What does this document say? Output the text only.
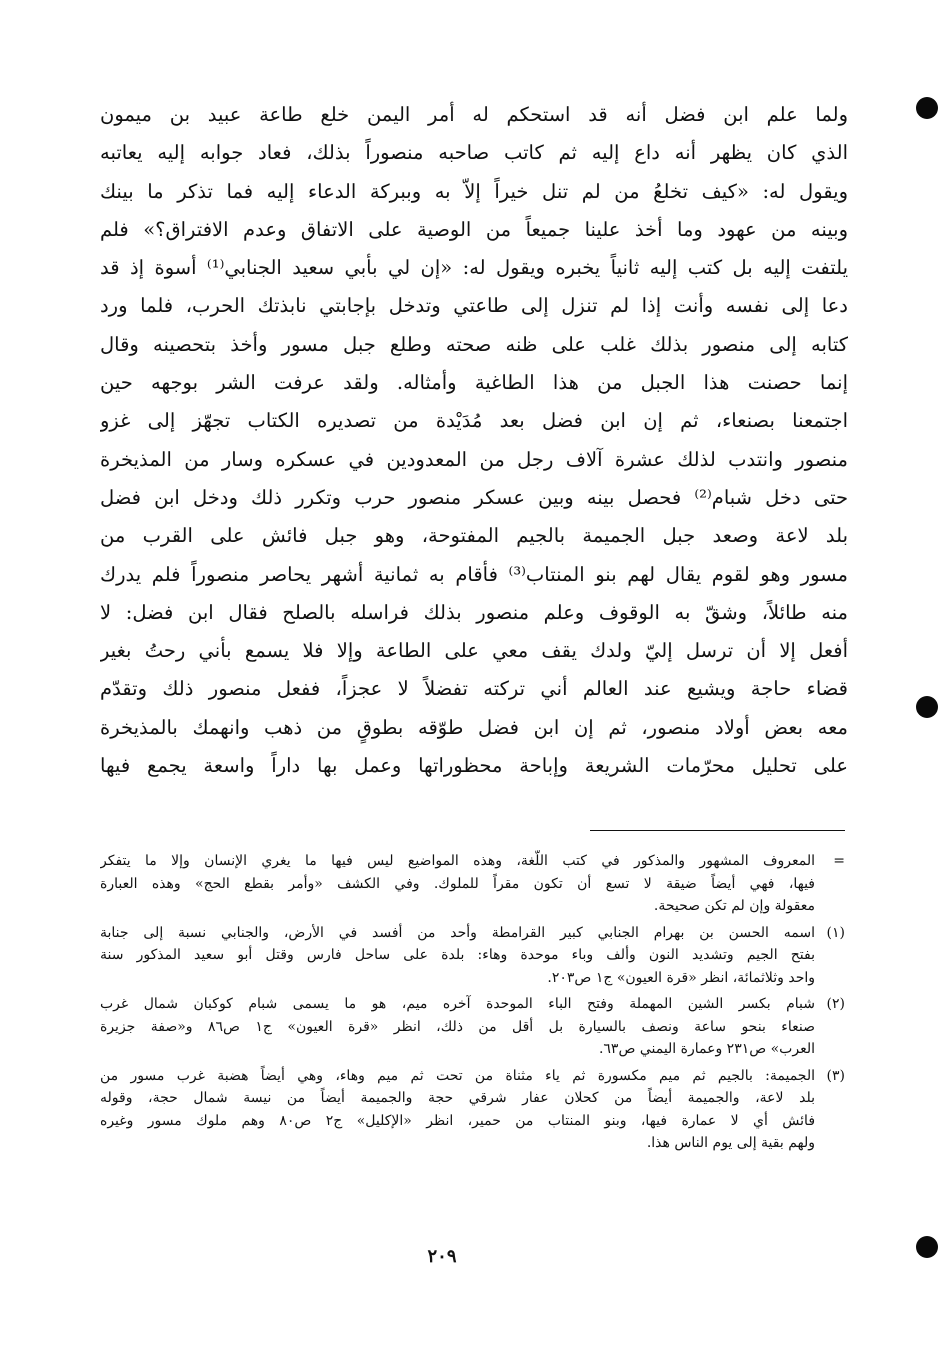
ولما علم ابن فضل أنه قد استحكم له أمر اليمن خلع طاعة عبيد بن ميمون
الذي كان يظهر أنه داع إليه ثم كاتب صاحبه منصوراً بذلك، فعاد جوابه إليه يعاتبه
ويقول له: «كيف تخلعُ من لم تنل خيراً إلاّ به وببركة الدعاء إليه فما تذكر ما بينك
وبينه من عهود وما أخذ علينا جميعاً من الوصية على الاتفاق وعدم الافتراق؟» فلم
يلتفت إليه بل كتب إليه ثانياً يخبره ويقول له: «إن لي بأبي سعيد الجنابي⁽¹⁾ أسوة إذ قد
دعا إلى نفسه وأنت إذا لم تنزل إلى طاعتي وتدخل بإجابتي نابذتك الحرب، فلما ورد
كتابه إلى منصور بذلك غلب على ظنه صحته وطلع جبل مسور وأخذ بتحصينه وقال
إنما حصنت هذا الجبل من هذا الطاغية وأمثاله. ولقد عرفت الشر بوجهه حين
اجتمعنا بصنعاء، ثم إن ابن فضل بعد مُدَيْدة من تصديره الكتاب تجهّز إلى غزو
منصور وانتدب لذلك عشرة آلاف رجل من المعدودين في عسكره وسار من المذيخرة
حتى دخل شبام⁽²⁾ فحصل بينه وبين عسكر منصور حرب وتكرر ذلك ودخل ابن فضل
بلد لاعة وصعد جبل الجميمة بالجيم المفتوحة، وهو جبل فائش على القرب من
مسور وهو لقوم يقال لهم بنو المنتاب⁽³⁾ فأقام به ثمانية أشهر يحاصر منصوراً فلم يدرك
منه طائلاً، وشقّ به الوقوف وعلم منصور بذلك فراسله بالصلح فقال ابن فضل: لا
أفعل إلا أن ترسل إليّ ولدك يقف معي على الطاعة وإلا فلا يسمع بأني رحتُ بغير
قضاء حاجة ويشيع عند العالم أني تركته تفضلاً لا عجزاً، ففعل منصور ذلك وتقدّم
معه بعض أولاد منصور، ثم إن ابن فضل طوّقه بطوقٍ من ذهب وانهمك بالمذيخرة
على تحليل محرّمات الشريعة وإباحة محظوراتها وعمل بها داراً واسعة يجمع فيها
=
المعروف المشهور والمذكور في كتب اللّغة، وهذه المواضيع ليس فيها ما يغري الإنسان وإلا ما يتفكر
فيها، فهي أيضاً ضيقة لا تسع أن تكون مقراً للملوك. وفي الكشف «وأمر بقطع الحج» وهذه العبارة
معقولة وإن لم تكن صحيحة.
(١)
اسمه الحسن بن بهرام الجنابي كبير القرامطة وأحد من أفسد في الأرض، والجنابي نسبة إلى جنابة
بفتح الجيم وتشديد النون وألف وباء موحدة وهاء: بلدة على ساحل فارس وقتل أبو سعيد المذكور سنة
واحد وثلاثمائة، انظر «قرة العيون» ج١ ص٢٠٣.
(٢)
شبام بكسر الشين المهملة وفتح الباء الموحدة آخره ميم، هو ما يسمى شبام كوكبان شمال غرب
صنعاء بنحو ساعة ونصف بالسيارة بل أقل من ذلك، انظر «قرة العيون» ج١ ص٨٦ و«صفة جزيرة
العرب» ص٢٣١ وعمارة اليمني ص٦٣.
(٣)
الجميمة: بالجيم ثم ميم مكسورة ثم ياء مثناة من تحت ثم ميم وهاء، وهي أيضاً هضبة غرب مسور من
بلد لاعة، والجميمة أيضاً من كحلان عفار شرقي حجة والجميمة أيضاً من نيسة شمال حجة، وقوله
فائش أي لا عمارة فيها، وبنو المنتاب من حمير، انظر «الإكليل» ج٢ ص٨٠ وهم ملوك مسور وغيره
ولهم بقية إلى يوم الناس هذا.
٢٠٩
